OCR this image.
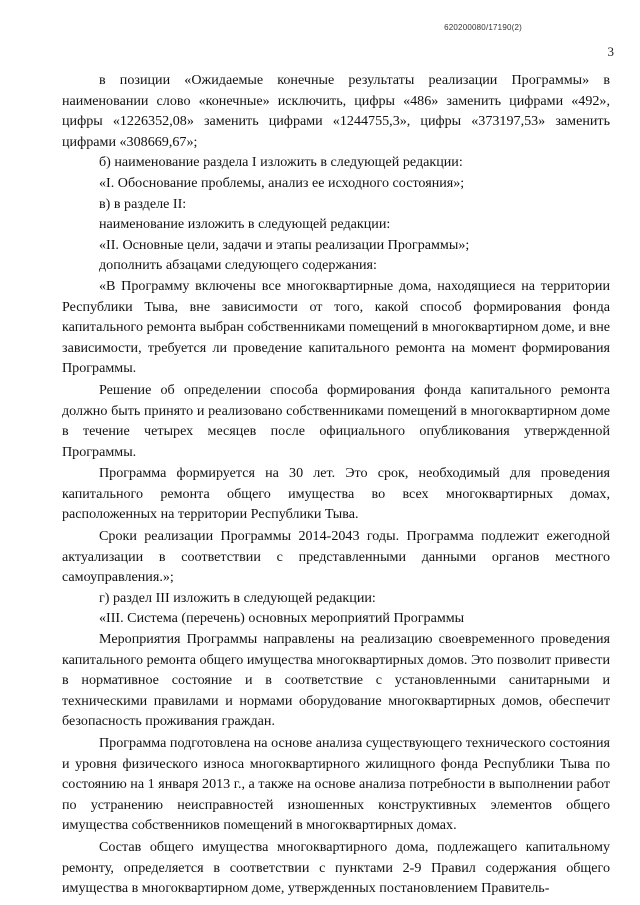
620200080/17190(2)
3

в позиции «Ожидаемые конечные результаты реализации Программы» в наименовании слово «конечные» исключить, цифры «486» заменить цифрами «492», цифры «1226352,08» заменить цифрами «1244755,3», цифры «373197,53» заменить цифрами «308669,67»;

б) наименование раздела I изложить в следующей редакции:

«I. Обоснование проблемы, анализ ее исходного состояния»;

в) в разделе II:

наименование изложить в следующей редакции:

«II. Основные цели, задачи и этапы реализации Программы»;

дополнить абзацами следующего содержания:

«В Программу включены все многоквартирные дома, находящиеся на территории Республики Тыва, вне зависимости от того, какой способ формирования фонда капитального ремонта выбран собственниками помещений в многоквартирном доме, и вне зависимости, требуется ли проведение капитального ремонта на момент формирования Программы.

Решение об определении способа формирования фонда капитального ремонта должно быть принято и реализовано собственниками помещений в многоквартирном доме в течение четырех месяцев после официального опубликования утвержденной Программы.

Программа формируется на 30 лет. Это срок, необходимый для проведения капитального ремонта общего имущества во всех многоквартирных домах, расположенных на территории Республики Тыва.

Сроки реализации Программы 2014-2043 годы. Программа подлежит ежегодной актуализации в соответствии с представленными данными органов местного самоуправления.»;

г) раздел III изложить в следующей редакции:

«III. Система (перечень) основных мероприятий Программы

Мероприятия Программы направлены на реализацию своевременного проведения капитального ремонта общего имущества многоквартирных домов. Это позволит привести в нормативное состояние и в соответствие с установленными санитарными и техническими правилами и нормами оборудование многоквартирных домов, обеспечит безопасность проживания граждан.

Программа подготовлена на основе анализа существующего технического состояния и уровня физического износа многоквартирного жилищного фонда Республики Тыва по состоянию на 1 января 2013 г., а также на основе анализа потребности в выполнении работ по устранению неисправностей изношенных конструктивных элементов общего имущества собственников помещений в многоквартирных домах.

Состав общего имущества многоквартирного дома, подлежащего капитальному ремонту, определяется в соответствии с пунктами 2-9 Правил содержания общего имущества в многоквартирном доме, утвержденных постановлением Правитель-
